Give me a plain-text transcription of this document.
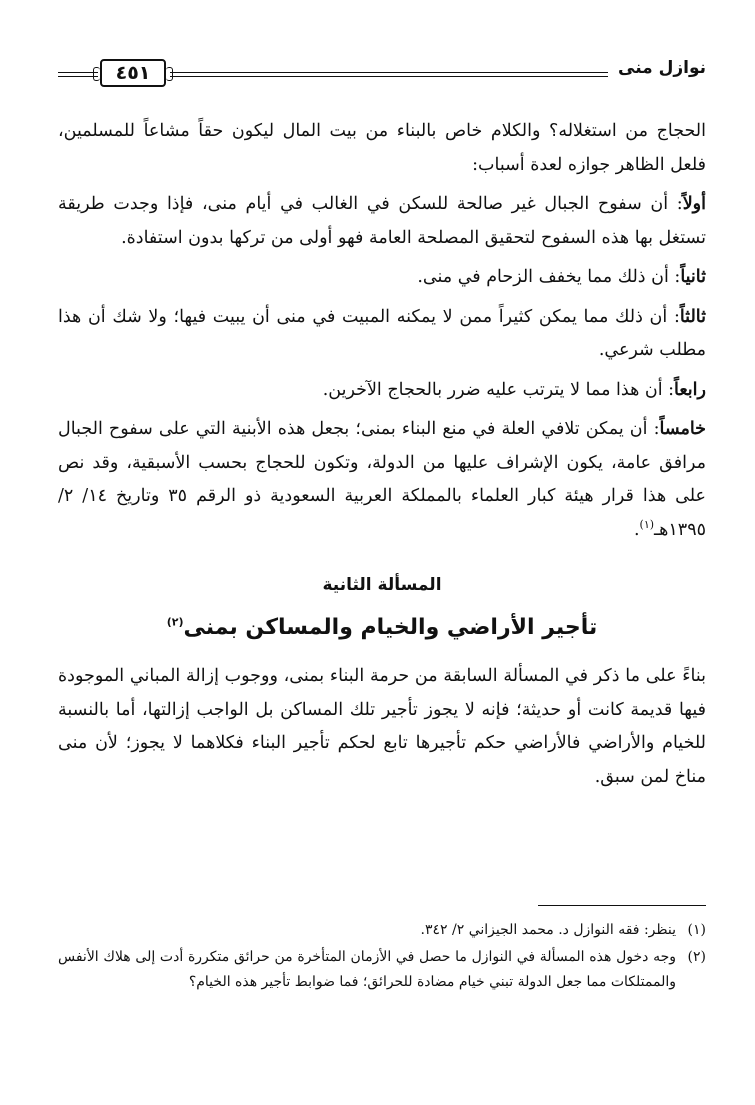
نوازل منى
٤٥١

الحجاج من استغلاله؟ والكلام خاص بالبناء من بيت المال ليكون حقاً مشاعاً للمسلمين، فلعل الظاهر جوازه لعدة أسباب:

أولاً: أن سفوح الجبال غير صالحة للسكن في الغالب في أيام منى، فإذا وجدت طريقة تستغل بها هذه السفوح لتحقيق المصلحة العامة فهو أولى من تركها بدون استفادة.

ثانياً: أن ذلك مما يخفف الزحام في منى.

ثالثاً: أن ذلك مما يمكن كثيراً ممن لا يمكنه المبيت في منى أن يبيت فيها؛ ولا شك أن هذا مطلب شرعي.

رابعاً: أن هذا مما لا يترتب عليه ضرر بالحجاج الآخرين.

خامساً: أن يمكن تلافي العلة في منع البناء بمنى؛ بجعل هذه الأبنية التي على سفوح الجبال مرافق عامة، يكون الإشراف عليها من الدولة، وتكون للحجاج بحسب الأسبقية، وقد نص على هذا قرار هيئة كبار العلماء بالمملكة العربية السعودية ذو الرقم ٣٥ وتاريخ ١٤/ ٢/ ١٣٩٥هـ$^{(١)}$.

المسألة الثانية
تأجير الأراضي والخيام والمساكن بمنى$^{(٢)}$

بناءً على ما ذكر في المسألة السابقة من حرمة البناء بمنى، ووجوب إزالة المباني الموجودة فيها قديمة كانت أو حديثة؛ فإنه لا يجوز تأجير تلك المساكن بل الواجب إزالتها، أما بالنسبة للخيام والأراضي فالأراضي حكم تأجيرها تابع لحكم تأجير البناء فكلاهما لا يجوز؛ لأن منى مناخ لمن سبق.

(١)
ينظر: فقه النوازل د. محمد الجيزاني ٢/ ٣٤٢.
(٢)
وجه دخول هذه المسألة في النوازل ما حصل في الأزمان المتأخرة من حرائق متكررة أدت إلى هلاك الأنفس والممتلكات مما جعل الدولة تبني خيام مضادة للحرائق؛ فما ضوابط تأجير هذه الخيام؟
